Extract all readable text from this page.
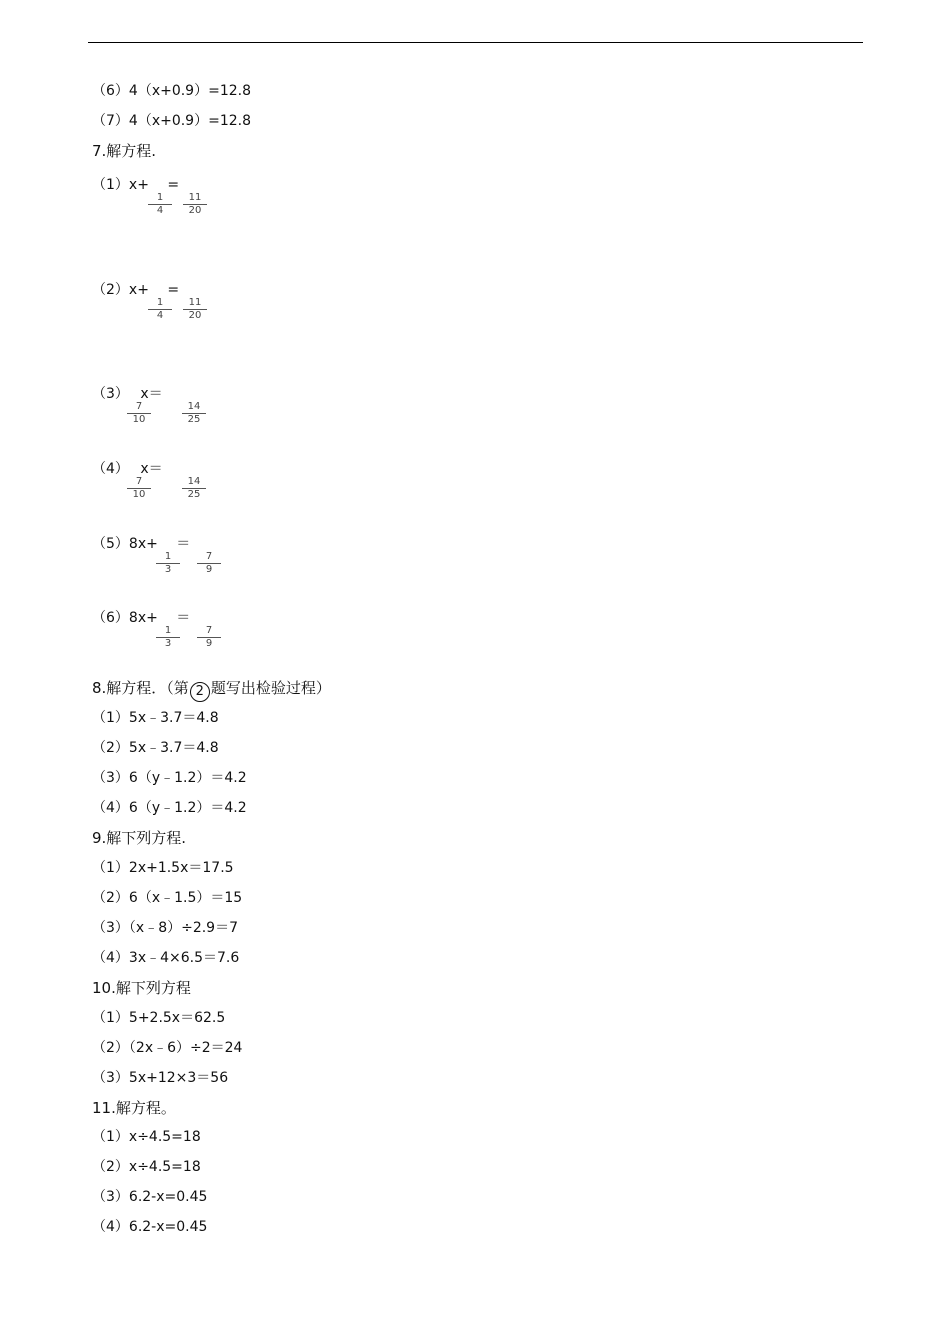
（6）4（x+0.9）=12.8
（7）4（x+0.9）=12.8
7.解方程.
（1）x+　 =
$\frac{1}{4} \frac{11}{20}$
（2）x+　 =
$\frac{1}{4} \frac{11}{20}$
（3）　 x＝
$\frac{7}{10}$	$\frac{14}{25}$
（4）　 x＝
$\frac{7}{10}$	$\frac{14}{25}$
（5）8x+　 ＝
$\frac{1}{3} \frac{7}{9}$
（6）8x+　 ＝
$\frac{1}{3} \frac{7}{9}$
8.解方程．（第 2 题写出检验过程）
（1）5x﹣3.7＝4.8
（2）5x﹣3.7＝4.8
（3）6（y﹣1.2）＝4.2
（4）6（y﹣1.2）＝4.2
9.解下列方程.
（1）2x+1.5x＝17.5
（2）6（x﹣1.5）＝15
（3）（x﹣8）÷2.9＝7
（4）3x﹣4×6.5＝7.6
10.解下列方程
（1）5+2.5x＝62.5
（2）（2x﹣6）÷2＝24
（3）5x+12×3＝56
11.解方程。
（1）x÷4.5=18
（2）x÷4.5=18
（3）6.2-x=0.45
（4）6.2-x=0.45
